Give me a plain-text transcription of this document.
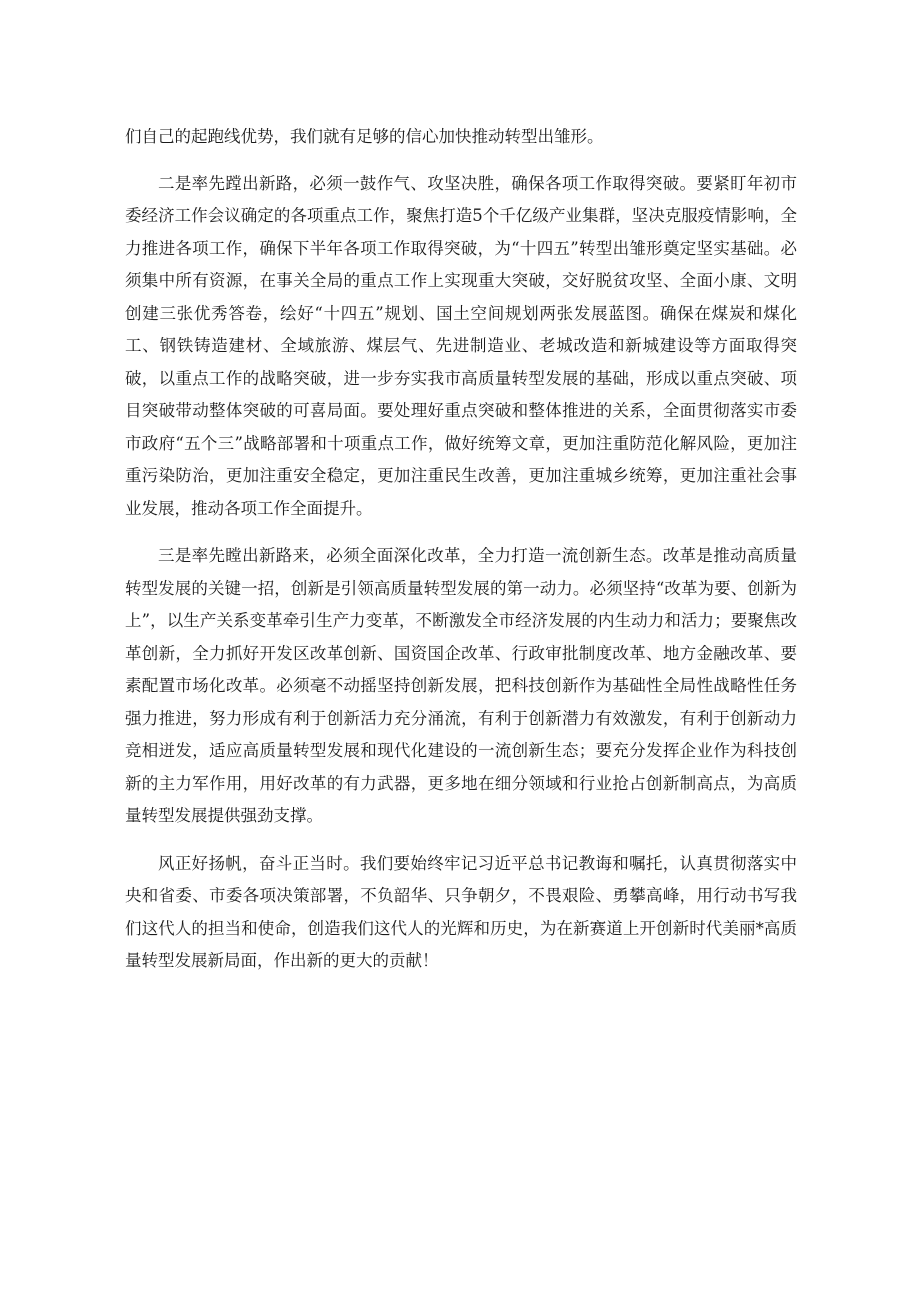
们自己的起跑线优势，我们就有足够的信心加快推动转型出雏形。

二是率先蹚出新路，必须一鼓作气、攻坚决胜，确保各项工作取得突破。要紧盯年初市委经济工作会议确定的各项重点工作，聚焦打造5个千亿级产业集群，坚决克服疫情影响，全力推进各项工作，确保下半年各项工作取得突破，为“十四五”转型出雏形奠定坚实基础。必须集中所有资源，在事关全局的重点工作上实现重大突破，交好脱贫攻坚、全面小康、文明创建三张优秀答卷，绘好“十四五”规划、国土空间规划两张发展蓝图。确保在煤炭和煤化工、钢铁铸造建材、全域旅游、煤层气、先进制造业、老城改造和新城建设等方面取得突破，以重点工作的战略突破，进一步夯实我市高质量转型发展的基础，形成以重点突破、项目突破带动整体突破的可喜局面。要处理好重点突破和整体推进的关系，全面贯彻落实市委市政府“五个三”战略部署和十项重点工作，做好统筹文章，更加注重防范化解风险，更加注重污染防治，更加注重安全稳定，更加注重民生改善，更加注重城乡统筹，更加注重社会事业发展，推动各项工作全面提升。

三是率先瞠出新路来，必须全面深化改革，全力打造一流创新生态。改革是推动高质量转型发展的关键一招，创新是引领高质量转型发展的第一动力。必须坚持“改革为要、创新为上”，以生产关系变革牵引生产力变革，不断激发全市经济发展的内生动力和活力；要聚焦改革创新，全力抓好开发区改革创新、国资国企改革、行政审批制度改革、地方金融改革、要素配置市场化改革。必须毫不动摇坚持创新发展，把科技创新作为基础性全局性战略性任务强力推进，努力形成有利于创新活力充分涌流，有利于创新潜力有效激发，有利于创新动力竞相迸发，适应高质量转型发展和现代化建设的一流创新生态；要充分发挥企业作为科技创新的主力军作用，用好改革的有力武器，更多地在细分领域和行业抢占创新制高点，为高质量转型发展提供强劲支撑。

风正好扬帆，奋斗正当时。我们要始终牢记习近平总书记教诲和嘱托，认真贯彻落实中央和省委、市委各项决策部署，不负韶华、只争朝夕，不畏艰险、勇攀高峰，用行动书写我们这代人的担当和使命，创造我们这代人的光辉和历史，为在新赛道上开创新时代美丽*高质量转型发展新局面，作出新的更大的贡献！
